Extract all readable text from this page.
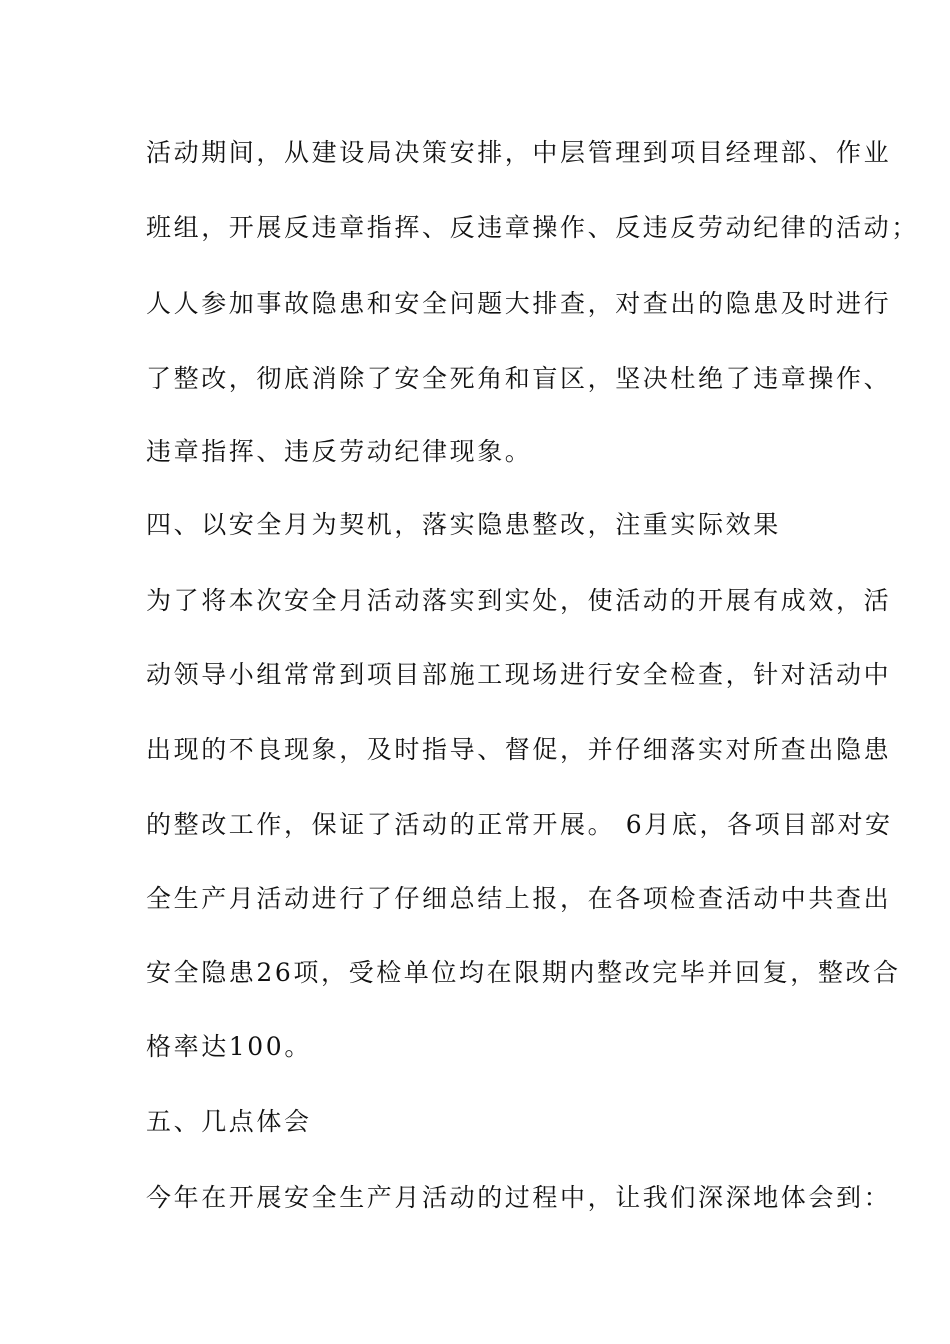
活动期间，从建设局决策安排，中层管理到项目经理部、作业
班组，开展反违章指挥、反违章操作、反违反劳动纪律的活动；
人人参加事故隐患和安全问题大排查，对查出的隐患及时进行
了整改，彻底消除了安全死角和盲区，坚决杜绝了违章操作、
违章指挥、违反劳动纪律现象。
四、以安全月为契机，落实隐患整改，注重实际效果
为了将本次安全月活动落实到实处，使活动的开展有成效，活
动领导小组常常到项目部施工现场进行安全检查，针对活动中
出现的不良现象，及时指导、督促，并仔细落实对所查出隐患
的整改工作，保证了活动的正常开展。 6月底，各项目部对安
全生产月活动进行了仔细总结上报，在各项检查活动中共查出
安全隐患26项，受检单位均在限期内整改完毕并回复，整改合
格率达100。
五、几点体会
今年在开展安全生产月活动的过程中，让我们深深地体会到：
